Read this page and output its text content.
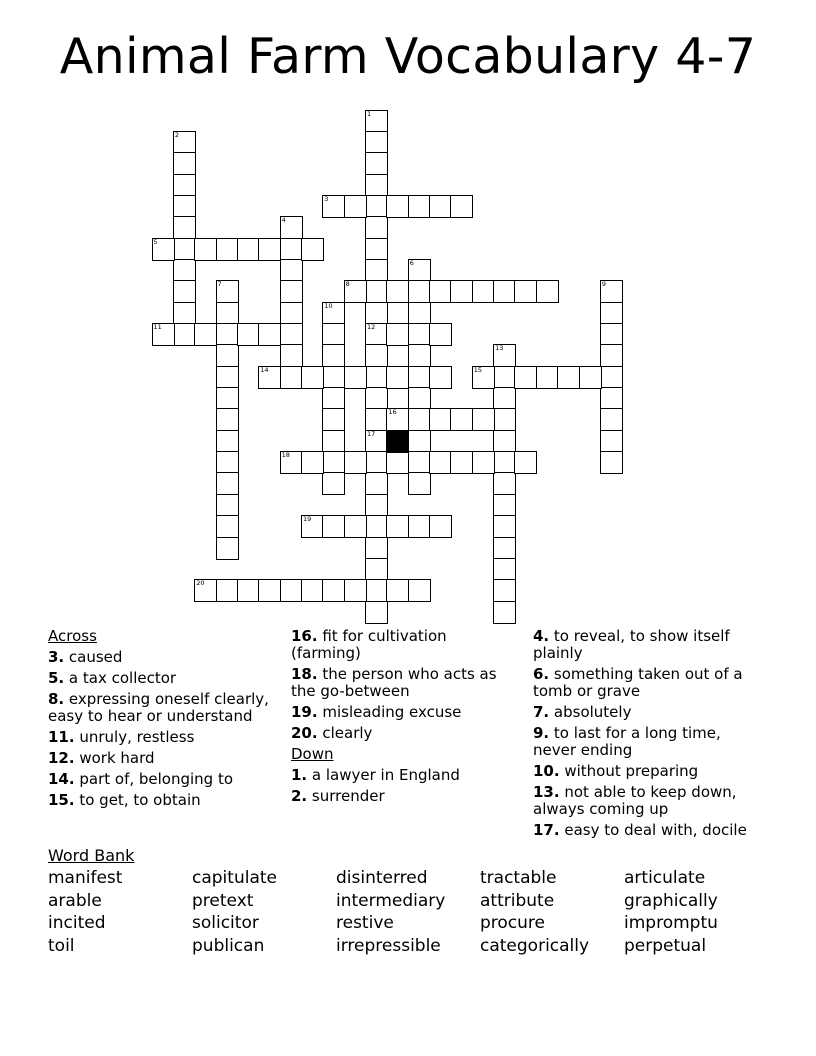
Animal Farm Vocabulary 4-7
1
12
17
2
3
4
5
6
7	8	9
10
11
13
14	15
16
18
19
20
Across
3. caused
5. a tax collector
8. expressing oneself clearly, easy to hear or understand
11. unruly, restless
12. work hard
14. part of, belonging to
15. to get, to obtain
16. fit for cultivation (farming)
18. the person who acts as the go-between
19. misleading excuse
20. clearly
Down
1. a lawyer in England
2. surrender
4. to reveal, to show itself plainly
6. something taken out of a tomb or grave
7. absolutely
9. to last for a long time, never ending
10. without preparing
13. not able to keep down, always coming up
17. easy to deal with, docile
Word Bank
manifest	capitulate	disinterred	tractable	articulate
arable	pretext	intermediary	attribute	graphically
incited	solicitor	restive	procure	impromptu
toil	publican	irrepressible	categorically	perpetual
